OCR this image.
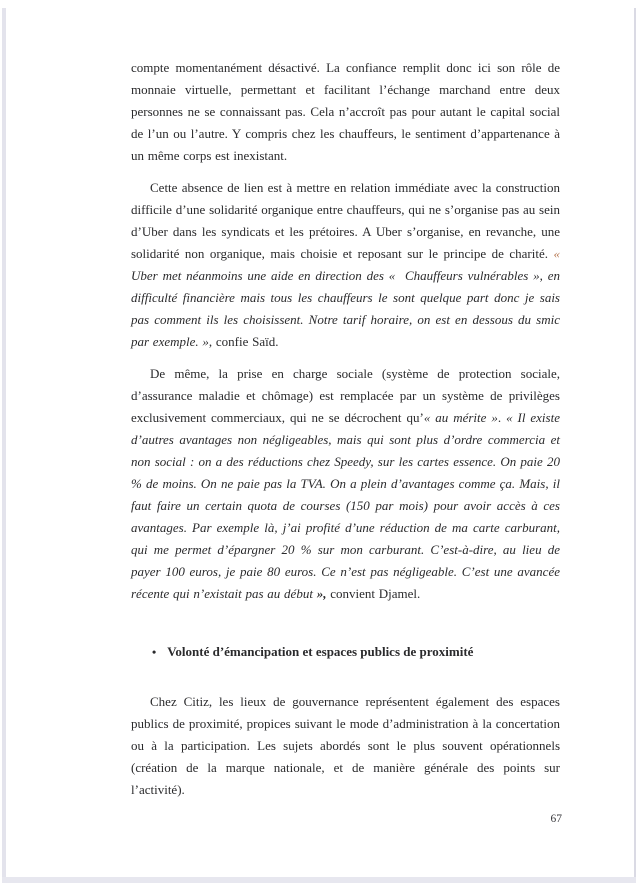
compte momentanément désactivé. La confiance remplit donc ici son rôle de monnaie virtuelle, permettant et facilitant l’échange marchand entre deux personnes ne se connaissant pas. Cela n’accroît pas pour autant le capital social de l’un ou l’autre. Y compris chez les chauffeurs, le sentiment d’appartenance à un même corps est inexistant.

Cette absence de lien est à mettre en relation immédiate avec la construction difficile d’une solidarité organique entre chauffeurs, qui ne s’organise pas au sein d’Uber dans les syndicats et les prétoires. A Uber s’organise, en revanche, une solidarité non organique, mais choisie et reposant sur le principe de charité. « Uber met néanmoins une aide en direction des «  Chauffeurs vulnérables », en difficulté financière mais tous les chauffeurs le sont quelque part donc je sais pas comment ils les choisissent. Notre tarif horaire, on est en dessous du smic par exemple. », confie Saïd.

De même, la prise en charge sociale (système de protection sociale, d’assurance maladie et chômage) est remplacée par un système de privilèges exclusivement commerciaux, qui ne se décrochent qu’« au mérite ». « Il existe d’autres avantages non négligeables, mais qui sont plus d’ordre commercia et non social : on a des réductions chez Speedy, sur les cartes essence. On paie 20 % de moins. On ne paie pas la TVA. On a plein d’avantages comme ça. Mais, il faut faire un certain quota de courses (150 par mois) pour avoir accès à ces avantages. Par exemple là, j’ai profité d’une réduction de ma carte carburant, qui me permet d’épargner 20 % sur mon carburant. C’est-à-dire, au lieu de payer 100 euros, je paie 80 euros. Ce n’est pas négligeable. C’est une avancée récente qui n’existait pas au début », convient Djamel.

• Volonté d’émancipation et espaces publics de proximité

Chez Citiz, les lieux de gouvernance représentent également des espaces publics de proximité, propices suivant le mode d’administration à la concertation ou à la participation. Les sujets abordés sont le plus souvent opérationnels (création de la marque nationale, et de manière générale des points sur l’activité).

67
